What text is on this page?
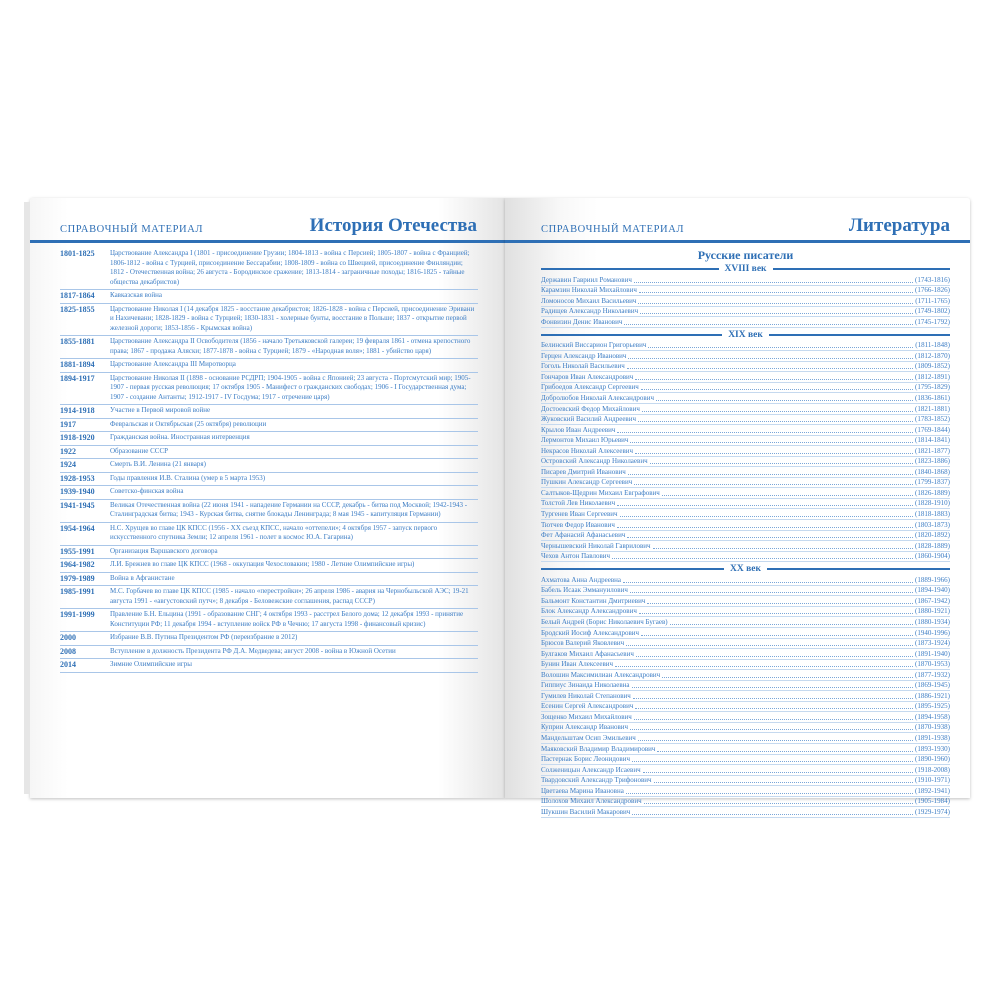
СПРАВОЧНЫЙ МАТЕРИАЛ	История Отечества
1801-1825	Царствование Александра I (1801 - присоединение Грузии; 1804-1813 - война с Персией; 1805-1807 - война с Францией; 1806-1812 - война с Турцией, присоединение Бессарабии; 1808-1809 - война со Швецией, присоединение Финляндии; 1812 - Отечественная война; 26 августа - Бородинское сражение; 1813-1814 - заграничные походы; 1816-1825 - тайные общества декабристов)
1817-1864	Кавказская война
1825-1855	Царствование Николая I (14 декабря 1825 - восстание декабристов; 1826-1828 - война с Персией, присоединение Эривани и Нахичевани; 1828-1829 - война с Турцией; 1830-1831 - холерные бунты, восстание в Польше; 1837 - открытие первой железной дороги; 1853-1856 - Крымская война)
1855-1881	Царствование Александра II Освободителя (1856 - начало Третьяковской галереи; 19 февраля 1861 - отмена крепостного права; 1867 - продажа Аляски; 1877-1878 - война с Турцией; 1879 - «Народная воля»; 1881 - убийство царя)
1881-1894	Царствование Александра III Миротворца
1894-1917	Царствование Николая II (1898 - основание РСДРП; 1904-1905 - война с Японией; 23 августа - Портсмутский мир; 1905-1907 - первая русская революция; 17 октября 1905 - Манифест о гражданских свободах; 1906 - I Государственная дума; 1907 - создание Антанты; 1912-1917 - IV Госдума; 1917 - отречение царя)
1914-1918	Участие в Первой мировой войне
1917	Февральская и Октябрьская (25 октября) революции
1918-1920	Гражданская война. Иностранная интервенция
1922	Образование СССР
1924	Смерть В.И. Ленина (21 января)
1928-1953	Годы правления И.В. Сталина (умер в 5 марта 1953)
1939-1940	Советско-финская война
1941-1945	Великая Отечественная война (22 июня 1941 - нападение Германии на СССР, декабрь - битва под Москвой; 1942-1943 - Сталинградская битва; 1943 - Курская битва, снятие блокады Ленинграда; 8 мая 1945 - капитуляция Германии)
1954-1964	Н.С. Хрущев во главе ЦК КПСС (1956 - XX съезд КПСС, начало «оттепели»; 4 октября 1957 - запуск первого искусственного спутника Земли; 12 апреля 1961 - полет в космос Ю.А. Гагарина)
1955-1991	Организация Варшавского договора
1964-1982	Л.И. Брежнев во главе ЦК КПСС (1968 - оккупация Чехословакии; 1980 - Летние Олимпийские игры)
1979-1989	Война в Афганистане
1985-1991	М.С. Горбачев во главе ЦК КПСС (1985 - начало «перестройки»; 26 апреля 1986 - авария на Чернобыльской АЭС; 19-21 августа 1991 - «августовский путч»; 8 декабря - Беловежские соглашения, распад СССР)
1991-1999	Правление Б.Н. Ельцина (1991 - образование СНГ; 4 октября 1993 - расстрел Белого дома; 12 декабря 1993 - принятие Конституции РФ; 11 декабря 1994 - вступление войск РФ в Чечню; 17 августа 1998 - финансовый кризис)
2000	Избрание В.В. Путина Президентом РФ (переизбрание в 2012)
2008	Вступление в должность Президента РФ Д.А. Медведева; август 2008 - война в Южной Осетии
2014	Зимние Олимпийские игры
СПРАВОЧНЫЙ МАТЕРИАЛ	Литература
Русские писатели
XVIII век
Державин Гавриил Романович	(1743-1816)
Карамзин Николай Михайлович	(1766-1826)
Ломоносов Михаил Васильевич	(1711-1765)
Радищев Александр Николаевич	(1749-1802)
Фонвизин Денис Иванович	(1745-1792)
XIX век
Белинский Виссарион Григорьевич	(1811-1848)
Герцен Александр Иванович	(1812-1870)
Гоголь Николай Васильевич	(1809-1852)
Гончаров Иван Александрович	(1812-1891)
Грибоедов Александр Сергеевич	(1795-1829)
Добролюбов Николай Александрович	(1836-1861)
Достоевский Федор Михайлович	(1821-1881)
Жуковский Василий Андреевич	(1783-1852)
Крылов Иван Андреевич	(1769-1844)
Лермонтов Михаил Юрьевич	(1814-1841)
Некрасов Николай Алексеевич	(1821-1877)
Островский Александр Николаевич	(1823-1886)
Писарев Дмитрий Иванович	(1840-1868)
Пушкин Александр Сергеевич	(1799-1837)
Салтыков-Щедрин Михаил Евграфович	(1826-1889)
Толстой Лев Николаевич	(1828-1910)
Тургенев Иван Сергеевич	(1818-1883)
Тютчев Федор Иванович	(1803-1873)
Фет Афанасий Афанасьевич	(1820-1892)
Чернышевский Николай Гаврилович	(1828-1889)
Чехов Антон Павлович	(1860-1904)
XX век
Ахматова Анна Андреевна	(1889-1966)
Бабель Исаак Эммануилович	(1894-1940)
Бальмонт Константин Дмитриевич	(1867-1942)
Блок Александр Александрович	(1880-1921)
Белый Андрей (Борис Николаевич Бугаев)	(1880-1934)
Бродский Иосиф Александрович	(1940-1996)
Брюсов Валерий Яковлевич	(1873-1924)
Булгаков Михаил Афанасьевич	(1891-1940)
Бунин Иван Алексеевич	(1870-1953)
Волошин Максимилиан Александрович	(1877-1932)
Гиппиус Зинаида Николаевна	(1869-1945)
Гумилев Николай Степанович	(1886-1921)
Есенин Сергей Александрович	(1895-1925)
Зощенко Михаил Михайлович	(1894-1958)
Куприн Александр Иванович	(1870-1938)
Мандельштам Осип Эмильевич	(1891-1938)
Маяковский Владимир Владимирович	(1893-1930)
Пастернак Борис Леонидович	(1890-1960)
Солженицын Александр Исаевич	(1918-2008)
Твардовский Александр Трифонович	(1910-1971)
Цветаева Марина Ивановна	(1892-1941)
Шолохов Михаил Александрович	(1905-1984)
Шукшин Василий Макарович	(1929-1974)
